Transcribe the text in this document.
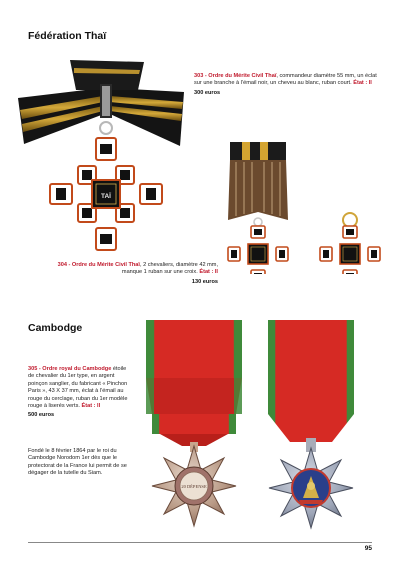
Fédération Thaï
TAÏ
303 - Ordre du Mérite Civil Thaï, commandeur diamètre 55 mm, un éclat sur une branche à l’émail noir, un cheveu au blanc, ruban court. État : II
300 euros
304 - Ordre du Mérite Civil Thaï, 2 chevaliers, diamètre 42 mm, manque 1 ruban sur une croix. État : II
130 euros
Cambodge
20 DÉPENSE
305 - Ordre royal du Cambodge étoile de chevalier du 1er type, en argent poinçon sanglier, du fabricant « Pinchon Paris », 43 X 37 mm, éclat à l’émail au rouge du cerclage, ruban du 1er modèle rouge à liserés verts. État : II
500 euros
Fondé le 8 février 1864 par le roi du Cambodge Norodom 1er dès que le protectorat de la France lui permit de se dégager de la tutelle du Siam.
95
